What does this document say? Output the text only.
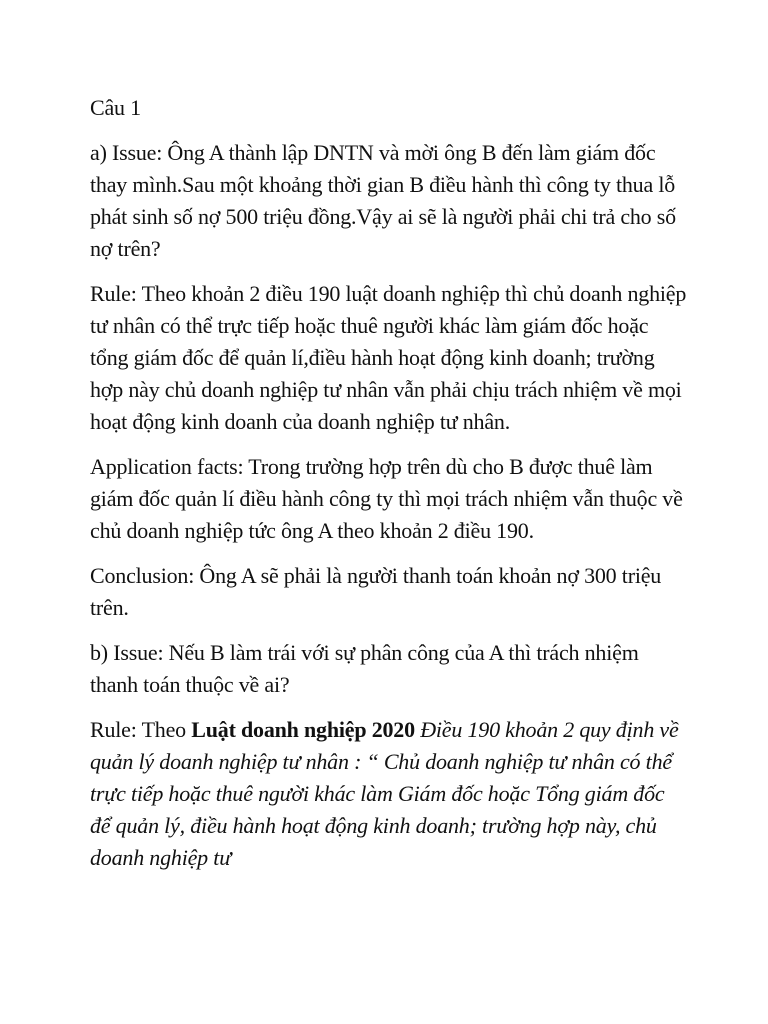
Câu 1

a) Issue: Ông A thành lập DNTN và mời ông B đến làm giám đốc thay mình.Sau một khoảng thời gian B điều hành thì công ty thua lỗ phát sinh số nợ 500 triệu đồng.Vậy ai sẽ là người phải chi trả cho số nợ trên?

Rule: Theo khoản 2 điều 190 luật doanh nghiệp thì chủ doanh nghiệp tư nhân có thể trực tiếp hoặc thuê người khác làm giám đốc hoặc tổng giám đốc để quản lí,điều hành hoạt động kinh doanh; trường hợp này chủ doanh nghiệp tư nhân vẫn phải chịu trách nhiệm về mọi hoạt động kinh doanh của doanh nghiệp tư nhân.

Application facts: Trong trường hợp trên dù cho B được thuê làm giám đốc quản lí điều hành công ty thì mọi trách nhiệm vẫn thuộc về chủ doanh nghiệp tức ông A theo khoản 2 điều 190.

Conclusion: Ông A sẽ phải là người thanh toán khoản nợ 300 triệu trên.

b) Issue: Nếu B làm trái với sự phân công của A thì trách nhiệm thanh toán thuộc về ai?

Rule: Theo Luật doanh nghiệp 2020 Điều 190 khoản 2 quy định về quản lý doanh nghiệp tư nhân : “ Chủ doanh nghiệp tư nhân có thể trực tiếp hoặc thuê người khác làm Giám đốc hoặc Tổng giám đốc để quản lý, điều hành hoạt động kinh doanh; trường hợp này, chủ doanh nghiệp tư
